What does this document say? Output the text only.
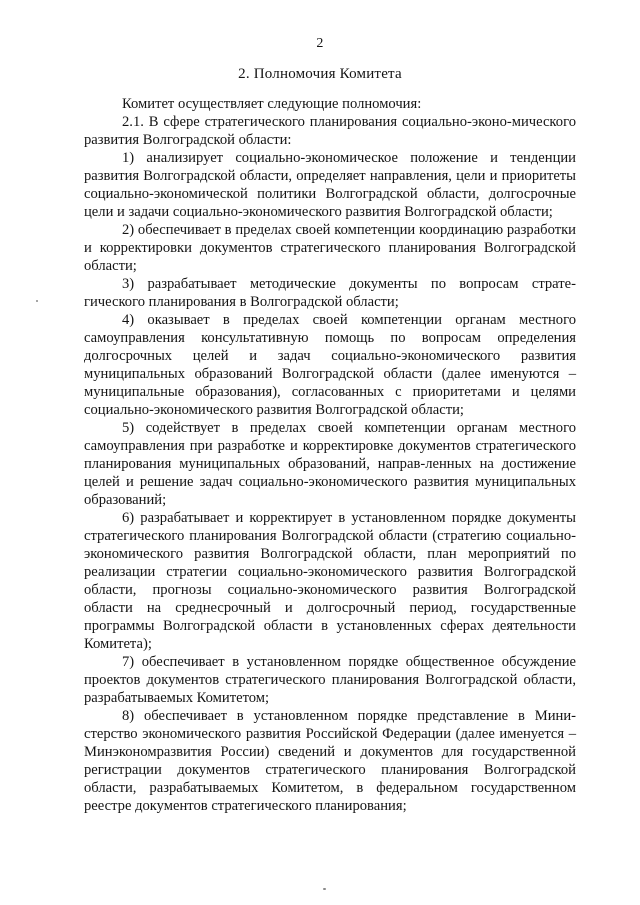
2
2. Полномочия Комитета

Комитет осуществляет следующие полномочия:

2.1. В сфере стратегического планирования социально-эконо-мического развития Волгоградской области:

1) анализирует социально-экономическое положение и тенденции развития Волгоградской области, определяет направления, цели и приоритеты социально-экономической политики Волгоградской области, долгосрочные цели и задачи социально-экономического развития Волгоградской области;

2) обеспечивает в пределах своей компетенции координацию разработки и корректировки документов стратегического планирования Волгоградской области;

3) разрабатывает методические документы по вопросам страте-гического планирования в Волгоградской области;

4) оказывает в пределах своей компетенции органам местного самоуправления консультативную помощь по вопросам определения долгосрочных целей и задач социально-экономического развития муниципальных образований Волгоградской области (далее именуются – муниципальные образования), согласованных с приоритетами и целями социально-экономического развития Волгоградской области;

5) содействует в пределах своей компетенции органам местного самоуправления при разработке и корректировке документов стратегического планирования муниципальных образований, направ-ленных на достижение целей и решение задач социально-экономического развития муниципальных образований;

6) разрабатывает и корректирует в установленном порядке документы стратегического планирования Волгоградской области (стратегию социально-экономического развития Волгоградской области, план мероприятий по реализации стратегии социально-экономического развития Волгоградской области, прогнозы социально-экономического развития Волгоградской области на среднесрочный и долгосрочный период, государственные программы Волгоградской области в установленных сферах деятельности Комитета);

7) обеспечивает в установленном порядке общественное обсуждение проектов документов стратегического планирования Волгоградской области, разрабатываемых Комитетом;

8) обеспечивает в установленном порядке представление в Мини-стерство экономического развития Российской Федерации (далее именуется – Минэкономразвития России) сведений и документов для государственной регистрации документов стратегического планирования Волгоградской области, разрабатываемых Комитетом, в федеральном государственном реестре документов стратегического планирования;
